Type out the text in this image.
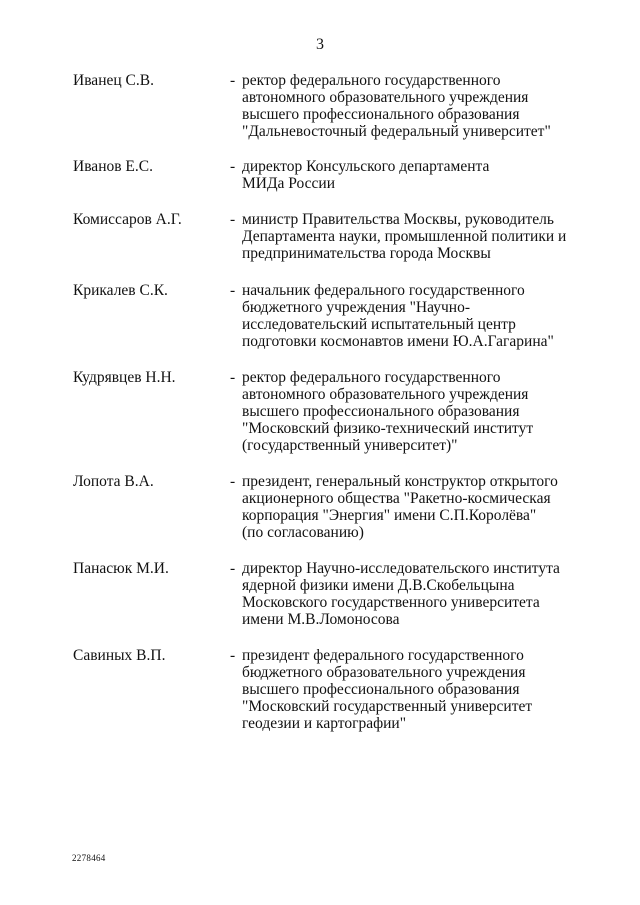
3
Иванец С.В.	- ректор федерального государственного
автономного образовательного учреждения
высшего профессионального образования
"Дальневосточный федеральный университет"
Иванов Е.С.	- директор Консульского департамента
МИДа России
Комиссаров А.Г.	- министр Правительства Москвы, руководитель
Департамента науки, промышленной политики и
предпринимательства города Москвы
Крикалев С.К.	- начальник федерального государственного
бюджетного учреждения "Научно-
исследовательский испытательный центр
подготовки космонавтов имени Ю.А.Гагарина"
Кудрявцев Н.Н.	- ректор федерального государственного
автономного образовательного учреждения
высшего профессионального образования
"Московский физико-технический институт
(государственный университет)"
Лопота В.А.	- президент, генеральный конструктор открытого
акционерного общества "Ракетно-космическая
корпорация "Энергия" имени С.П.Королёва"
(по согласованию)
Панасюк М.И.	- директор Научно-исследовательского института
ядерной физики имени Д.В.Скобельцына
Московского государственного университета
имени М.В.Ломоносова
Савиных В.П.	- президент федерального государственного
бюджетного образовательного учреждения
высшего профессионального образования
"Московский государственный университет
геодезии и картографии"
2278464
